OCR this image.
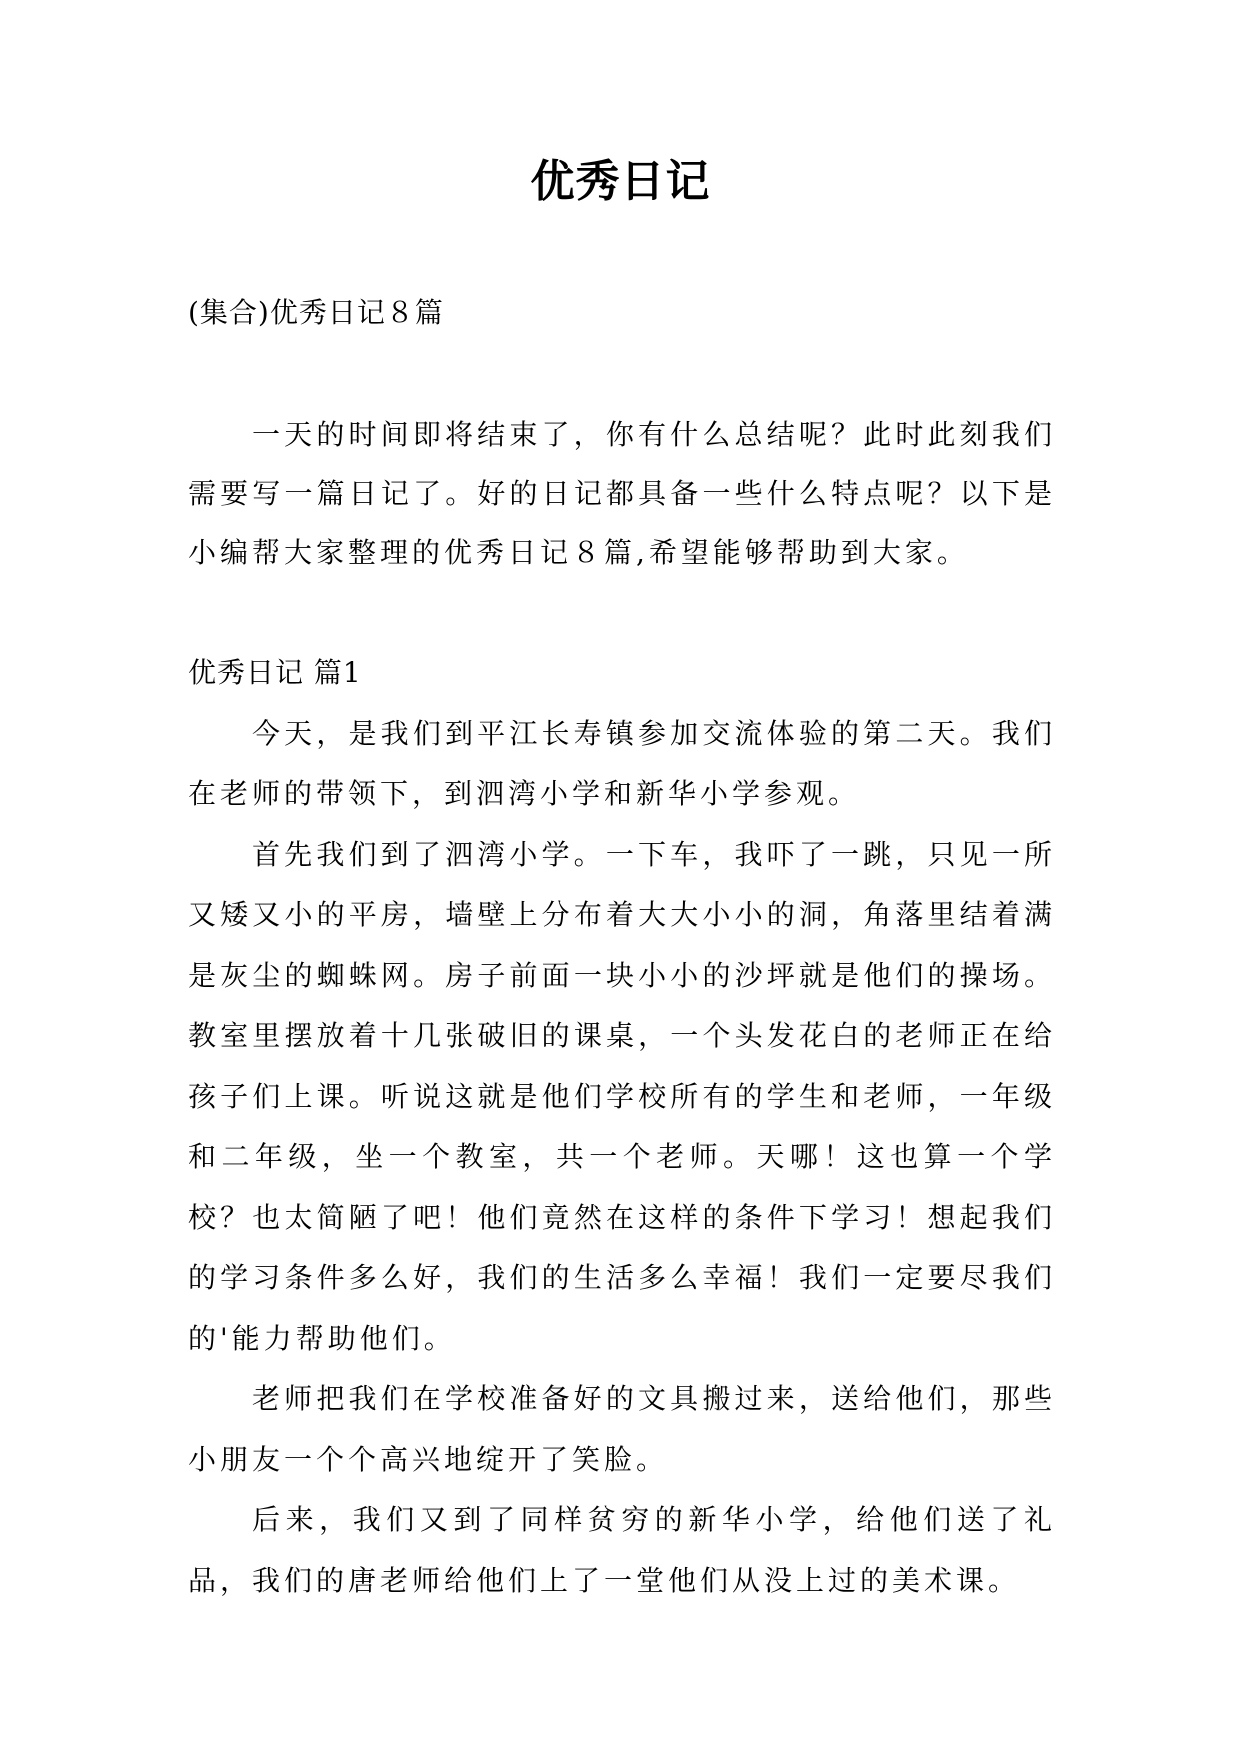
优秀日记
(集合)优秀日记８篇

一天的时间即将结束了，你有什么总结呢？此时此刻我们需要写一篇日记了。好的日记都具备一些什么特点呢？以下是小编帮大家整理的优秀日记８篇,希望能够帮助到大家。

优秀日记 篇1

今天，是我们到平江长寿镇参加交流体验的第二天。我们在老师的带领下，到泗湾小学和新华小学参观。

首先我们到了泗湾小学。一下车，我吓了一跳，只见一所又矮又小的平房，墙壁上分布着大大小小的洞，角落里结着满是灰尘的蜘蛛网。房子前面一块小小的沙坪就是他们的操场。教室里摆放着十几张破旧的课桌，一个头发花白的老师正在给孩子们上课。听说这就是他们学校所有的学生和老师，一年级和二年级，坐一个教室，共一个老师。天哪！这也算一个学校？也太简陋了吧！他们竟然在这样的条件下学习！想起我们的学习条件多么好，我们的生活多么幸福！我们一定要尽我们的'能力帮助他们。

老师把我们在学校准备好的文具搬过来，送给他们，那些小朋友一个个高兴地绽开了笑脸。

后来，我们又到了同样贫穷的新华小学，给他们送了礼品，我们的唐老师给他们上了一堂他们从没上过的美术课。
